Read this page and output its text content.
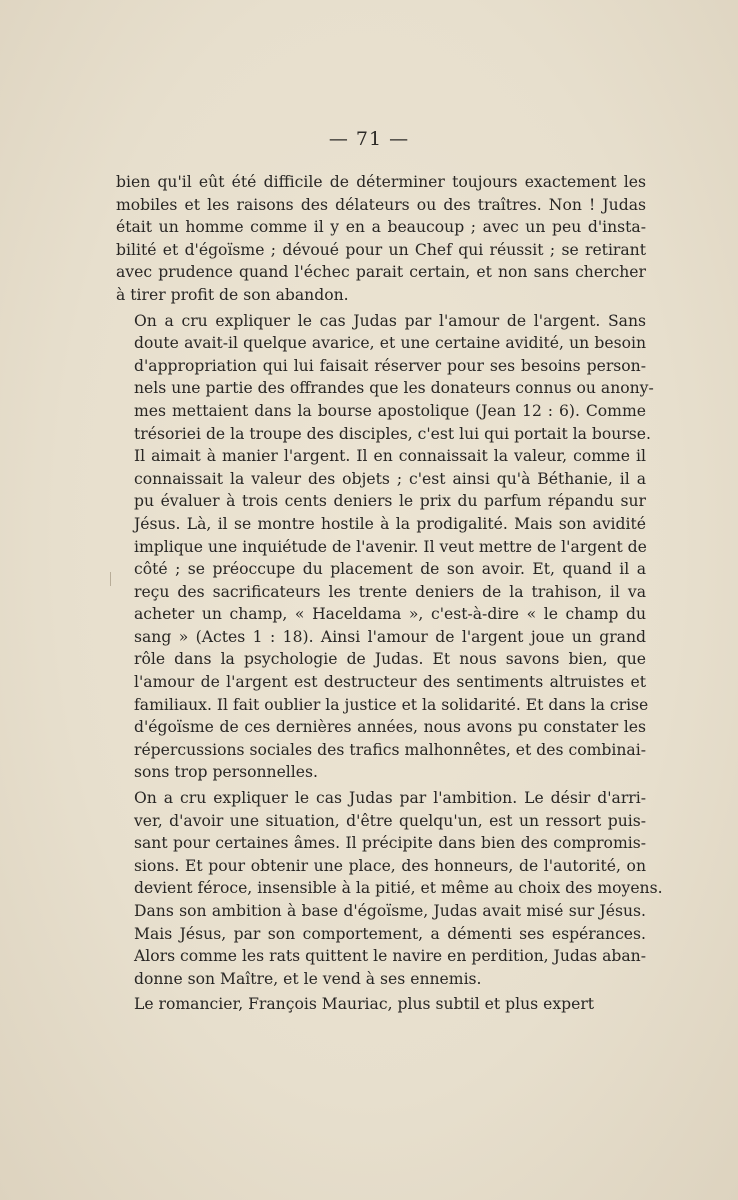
— 71 —

bien qu'il eût été difficile de déterminer toujours exactement les
mobiles et les raisons des délateurs ou des traîtres. Non ! Judas
était un homme comme il y en a beaucoup ; avec un peu d'insta-
bilité et d'égoïsme ; dévoué pour un Chef qui réussit ; se retirant
avec prudence quand l'échec parait certain, et non sans chercher
à tirer profit de son abandon.

On a cru expliquer le cas Judas par l'amour de l'argent. Sans
doute avait-il quelque avarice, et une certaine avidité, un besoin
d'appropriation qui lui faisait réserver pour ses besoins person-
nels une partie des offrandes que les donateurs connus ou anony-
mes mettaient dans la bourse apostolique (Jean 12 : 6). Comme
trésoriei de la troupe des disciples, c'est lui qui portait la bourse.
Il aimait à manier l'argent. Il en connaissait la valeur, comme il
connaissait la valeur des objets ; c'est ainsi qu'à Béthanie, il a
pu évaluer à trois cents deniers le prix du parfum répandu sur
Jésus. Là, il se montre hostile à la prodigalité. Mais son avidité
implique une inquiétude de l'avenir. Il veut mettre de l'argent de
côté ; se préoccupe du placement de son avoir. Et, quand il a
reçu des sacrificateurs les trente deniers de la trahison, il va
acheter un champ, « Haceldama », c'est-à-dire « le champ du
sang » (Actes 1 : 18). Ainsi l'amour de l'argent joue un grand
rôle dans la psychologie de Judas. Et nous savons bien, que
l'amour de l'argent est destructeur des sentiments altruistes et
familiaux. Il fait oublier la justice et la solidarité. Et dans la crise
d'égoïsme de ces dernières années, nous avons pu constater les
répercussions sociales des trafics malhonnêtes, et des combinai-
sons trop personnelles.

On a cru expliquer le cas Judas par l'ambition. Le désir d'arri-
ver, d'avoir une situation, d'être quelqu'un, est un ressort puis-
sant pour certaines âmes. Il précipite dans bien des compromis-
sions. Et pour obtenir une place, des honneurs, de l'autorité, on
devient féroce, insensible à la pitié, et même au choix des moyens.
Dans son ambition à base d'égoïsme, Judas avait misé sur Jésus.
Mais Jésus, par son comportement, a démenti ses espérances.
Alors comme les rats quittent le navire en perdition, Judas aban-
donne son Maître, et le vend à ses ennemis.

Le romancier, François Mauriac, plus subtil et plus expert
